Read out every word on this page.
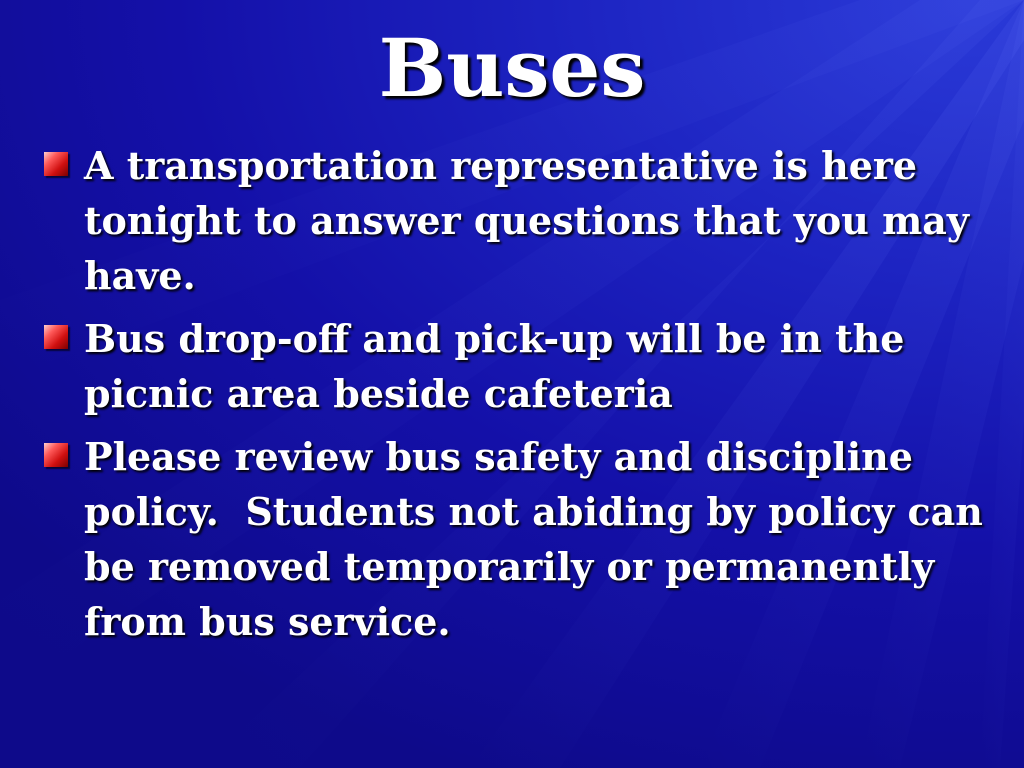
Buses
A transportation representative is here tonight to answer questions that you may have.
Bus drop-off and pick-up will be in the picnic area beside cafeteria
Please review bus safety and discipline policy.  Students not abiding by policy can be removed temporarily or permanently from bus service.
